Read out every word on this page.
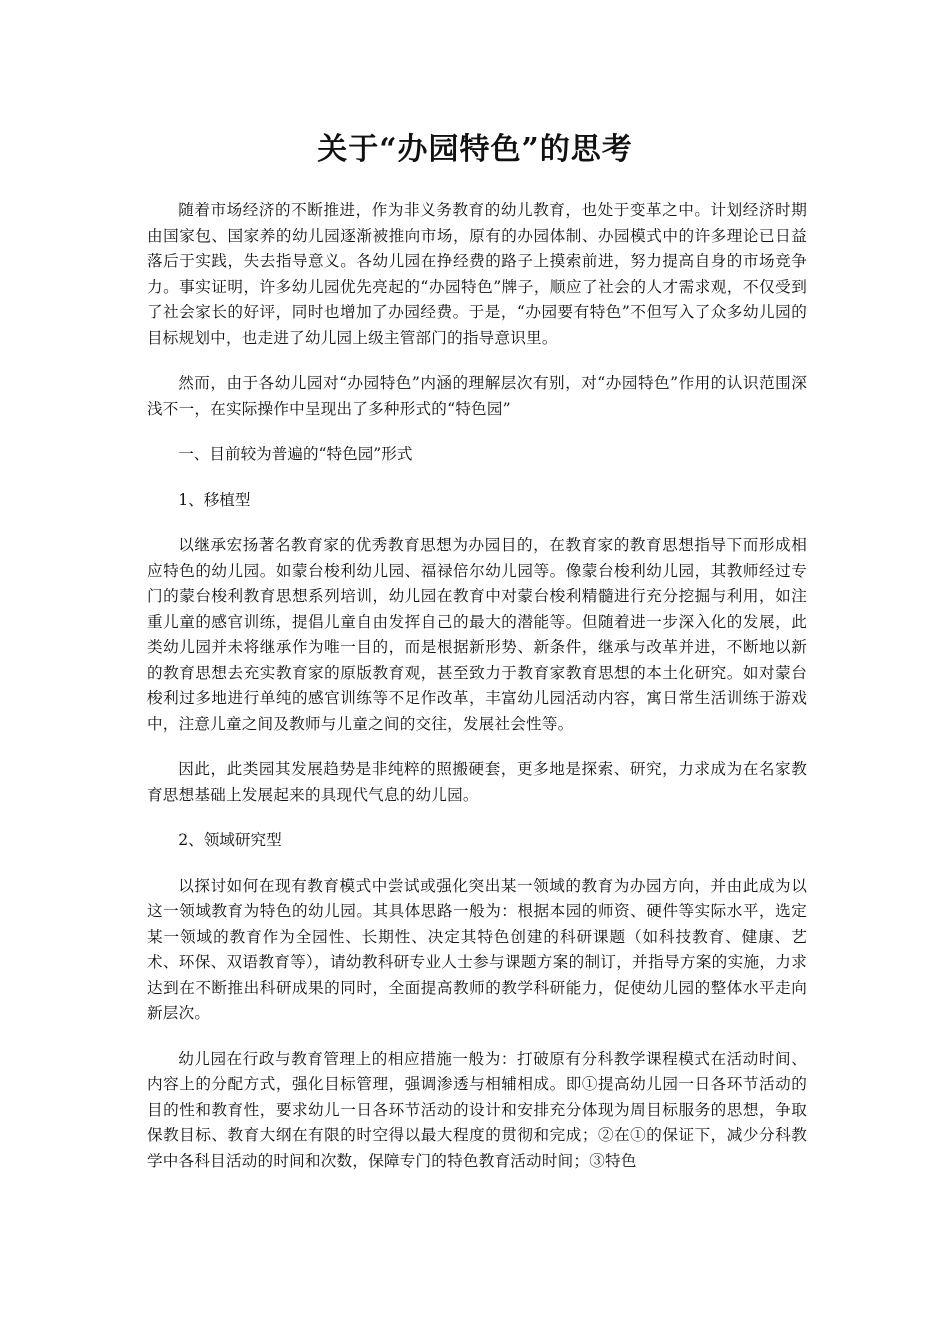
关于“办园特色”的思考

随着市场经济的不断推进，作为非义务教育的幼儿教育，也处于变革之中。计划经济时期由国家包、国家养的幼儿园逐渐被推向市场，原有的办园体制、办园模式中的许多理论已日益落后于实践，失去指导意义。各幼儿园在挣经费的路子上摸索前进，努力提高自身的市场竞争力。事实证明，许多幼儿园优先亮起的“办园特色”牌子，顺应了社会的人才需求观，不仅受到了社会家长的好评，同时也增加了办园经费。于是，“办园要有特色”不但写入了众多幼儿园的目标规划中，也走进了幼儿园上级主管部门的指导意识里。

然而，由于各幼儿园对“办园特色”内涵的理解层次有别，对“办园特色”作用的认识范围深浅不一，在实际操作中呈现出了多种形式的“特色园”

一、目前较为普遍的“特色园”形式

1、移植型

以继承宏扬著名教育家的优秀教育思想为办园目的，在教育家的教育思想指导下而形成相应特色的幼儿园。如蒙台梭利幼儿园、福禄倍尔幼儿园等。像蒙台梭利幼儿园，其教师经过专门的蒙台梭利教育思想系列培训，幼儿园在教育中对蒙台梭利精髓进行充分挖掘与利用，如注重儿童的感官训练，提倡儿童自由发挥自己的最大的潜能等。但随着进一步深入化的发展，此类幼儿园并未将继承作为唯一目的，而是根据新形势、新条件，继承与改革并进，不断地以新的教育思想去充实教育家的原版教育观，甚至致力于教育家教育思想的本土化研究。如对蒙台梭利过多地进行单纯的感官训练等不足作改革，丰富幼儿园活动内容，寓日常生活训练于游戏中，注意儿童之间及教师与儿童之间的交往，发展社会性等。

因此，此类园其发展趋势是非纯粹的照搬硬套，更多地是探索、研究，力求成为在名家教育思想基础上发展起来的具现代气息的幼儿园。

2、领域研究型

以探讨如何在现有教育模式中尝试或强化突出某一领域的教育为办园方向，并由此成为以这一领域教育为特色的幼儿园。其具体思路一般为：根据本园的师资、硬件等实际水平，选定某一领域的教育作为全园性、长期性、决定其特色创建的科研课题（如科技教育、健康、艺术、环保、双语教育等），请幼教科研专业人士参与课题方案的制订，并指导方案的实施，力求达到在不断推出科研成果的同时，全面提高教师的教学科研能力，促使幼儿园的整体水平走向新层次。

幼儿园在行政与教育管理上的相应措施一般为：打破原有分科教学课程模式在活动时间、内容上的分配方式，强化目标管理，强调渗透与相辅相成。即①提高幼儿园一日各环节活动的目的性和教育性，要求幼儿一日各环节活动的设计和安排充分体现为周目标服务的思想，争取保教目标、教育大纲在有限的时空得以最大程度的贯彻和完成；②在①的保证下，减少分科教学中各科目活动的时间和次数，保障专门的特色教育活动时间；③特色
